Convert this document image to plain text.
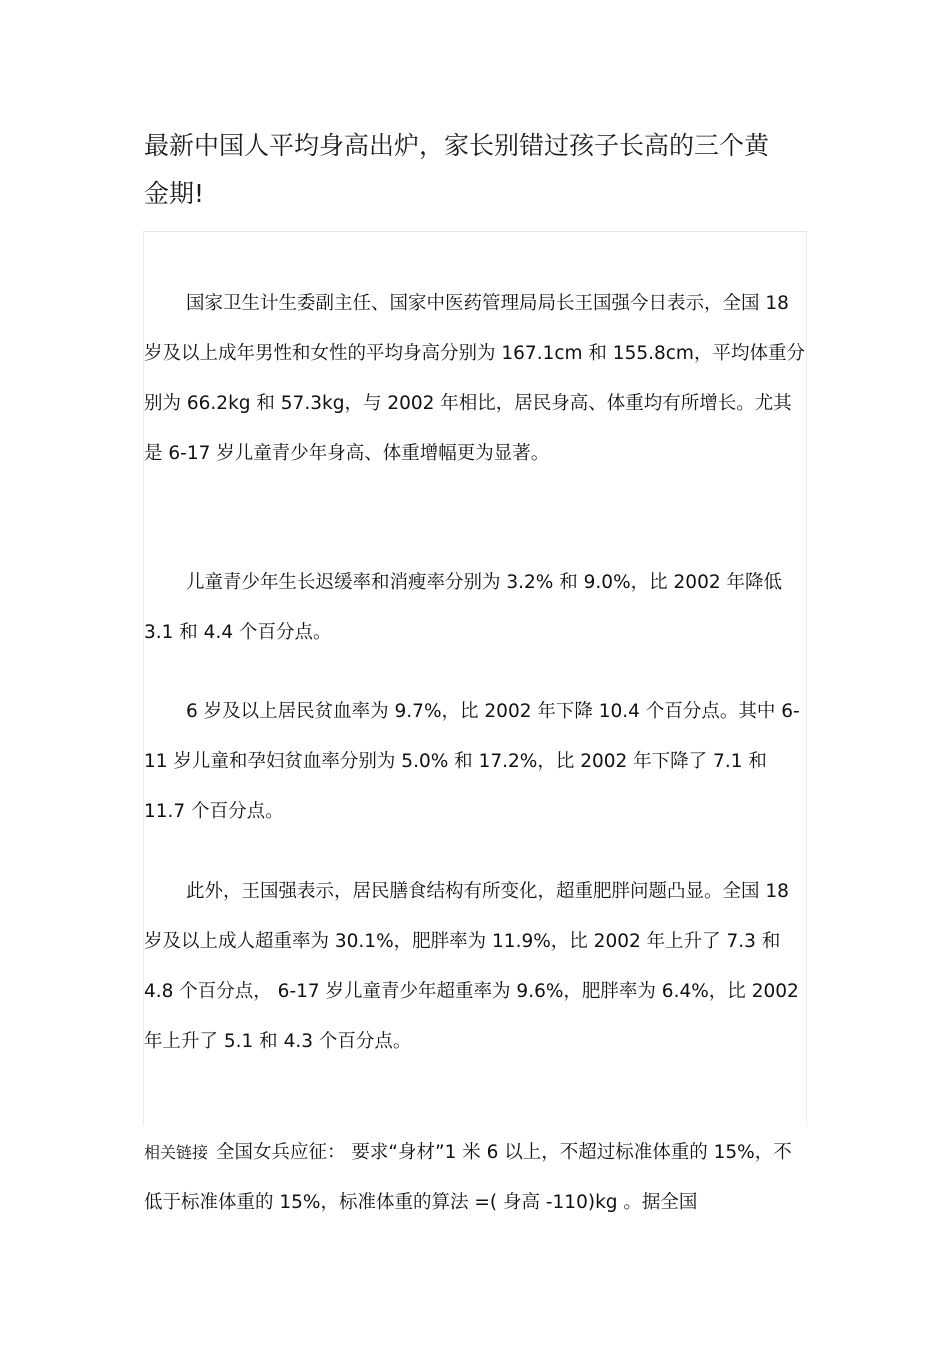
最新中国人平均身高出炉，家长别错过孩子长高的三个黄金期!

国家卫生计生委副主任、国家中医药管理局局长王国强今日表示，全国 18 岁及以上成年男性和女性的平均身高分别为 167.1cm 和 155.8cm，平均体重分别为 66.2kg 和 57.3kg，与 2002 年相比，居民身高、体重均有所增长。尤其是 6-17 岁儿童青少年身高、体重增幅更为显著。

儿童青少年生长迟缓率和消瘦率分别为 3.2% 和 9.0%，比 2002 年降低 3.1 和 4.4 个百分点。

6 岁及以上居民贫血率为 9.7%，比 2002 年下降 10.4 个百分点。其中 6-11 岁儿童和孕妇贫血率分别为 5.0% 和 17.2%，比 2002 年下降了 7.1 和 11.7 个百分点。

此外，王国强表示，居民膳食结构有所变化，超重肥胖问题凸显。全国 18 岁及以上成人超重率为 30.1%，肥胖率为 11.9%，比 2002 年上升了 7.3 和 4.8 个百分点， 6-17 岁儿童青少年超重率为 9.6%，肥胖率为 6.4%，比 2002 年上升了 5.1 和 4.3 个百分点。

相关链接 全国女兵应征： 要求“身材”1 米 6 以上，不超过标准体重的 15%，不低于标准体重的 15%，标准体重的算法 =( 身高 -110)kg 。据全国
